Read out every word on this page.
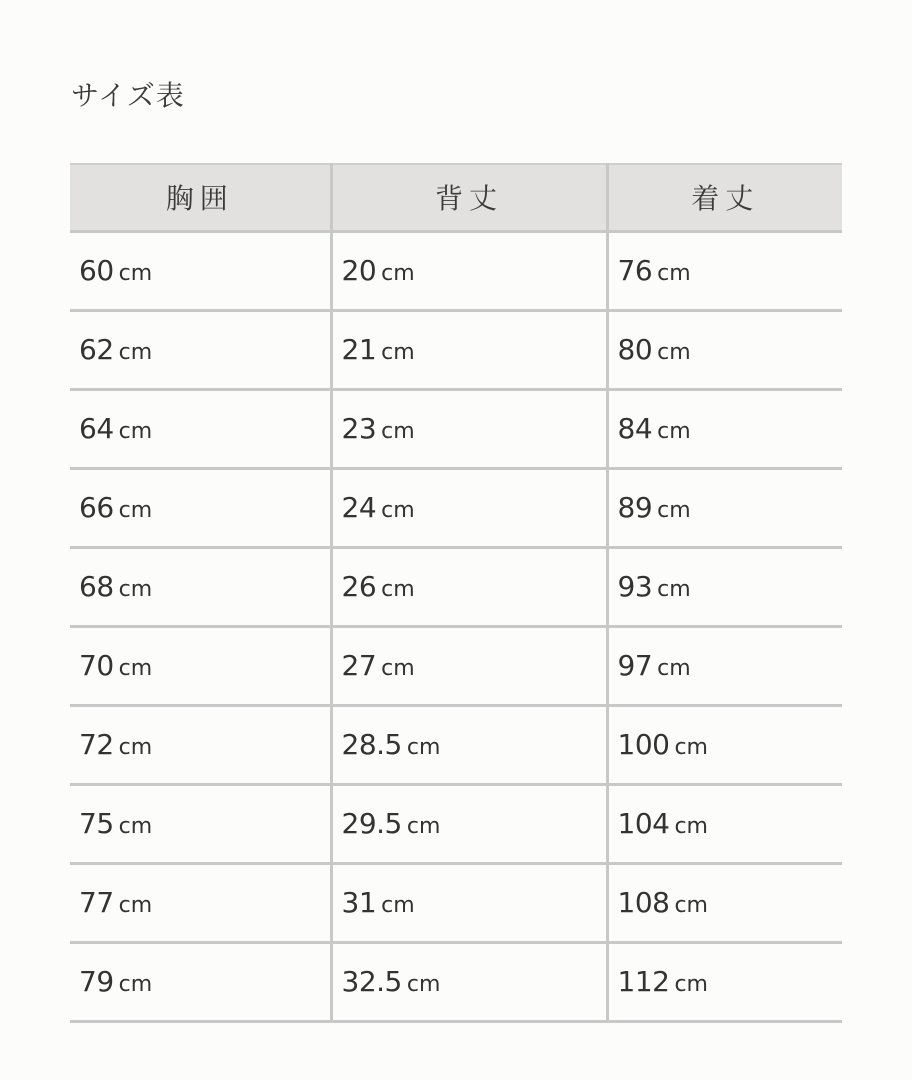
サイズ表
胸囲	背丈	着丈
60 cm	20 cm	76 cm
62 cm	21 cm	80 cm
64 cm	23 cm	84 cm
66 cm	24 cm	89 cm
68 cm	26 cm	93 cm
70 cm	27 cm	97 cm
72 cm	28.5 cm	100 cm
75 cm	29.5 cm	104 cm
77 cm	31 cm	108 cm
79 cm	32.5 cm	112 cm
